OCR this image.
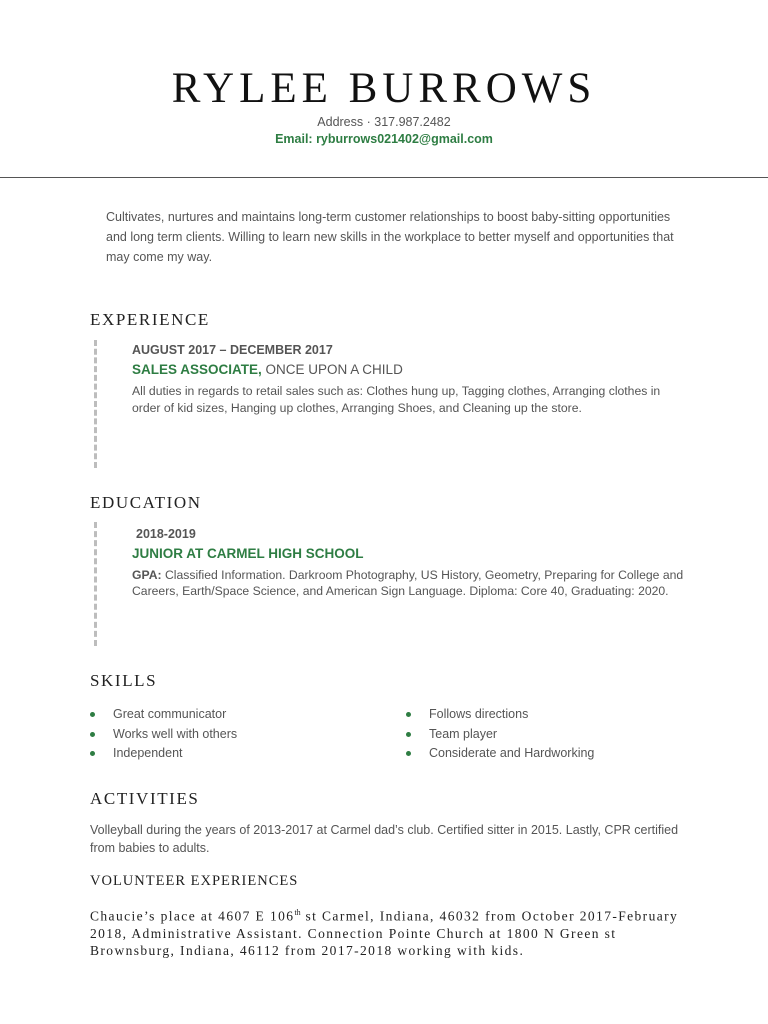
RYLEE BURROWS
Address · 317.987.2482
Email: ryburrows021402@gmail.com
Cultivates, nurtures and maintains long-term customer relationships to boost baby-sitting opportunities and long term clients. Willing to learn new skills in the workplace to better myself and opportunities that may come my way.
EXPERIENCE
AUGUST 2017 – DECEMBER 2017
SALES ASSOCIATE, ONCE UPON A CHILD
All duties in regards to retail sales such as: Clothes hung up, Tagging clothes, Arranging clothes in order of kid sizes, Hanging up clothes, Arranging Shoes, and Cleaning up the store.
EDUCATION
2018-2019
JUNIOR AT CARMEL HIGH SCHOOL
GPA: Classified Information. Darkroom Photography, US History, Geometry, Preparing for College and Careers, Earth/Space Science, and American Sign Language. Diploma: Core 40, Graduating: 2020.
SKILLS
Great communicator
Works well with others
Independent
Follows directions
Team player
Considerate and Hardworking
ACTIVITIES
Volleyball during the years of 2013-2017 at Carmel dad’s club. Certified sitter in 2015. Lastly, CPR certified from babies to adults.
VOLUNTEER EXPERIENCES
Chaucie’s place at 4607 E 106th st Carmel, Indiana, 46032 from October 2017-February 2018, Administrative Assistant. Connection Pointe Church at 1800 N Green st Brownsburg, Indiana, 46112 from 2017-2018 working with kids.
